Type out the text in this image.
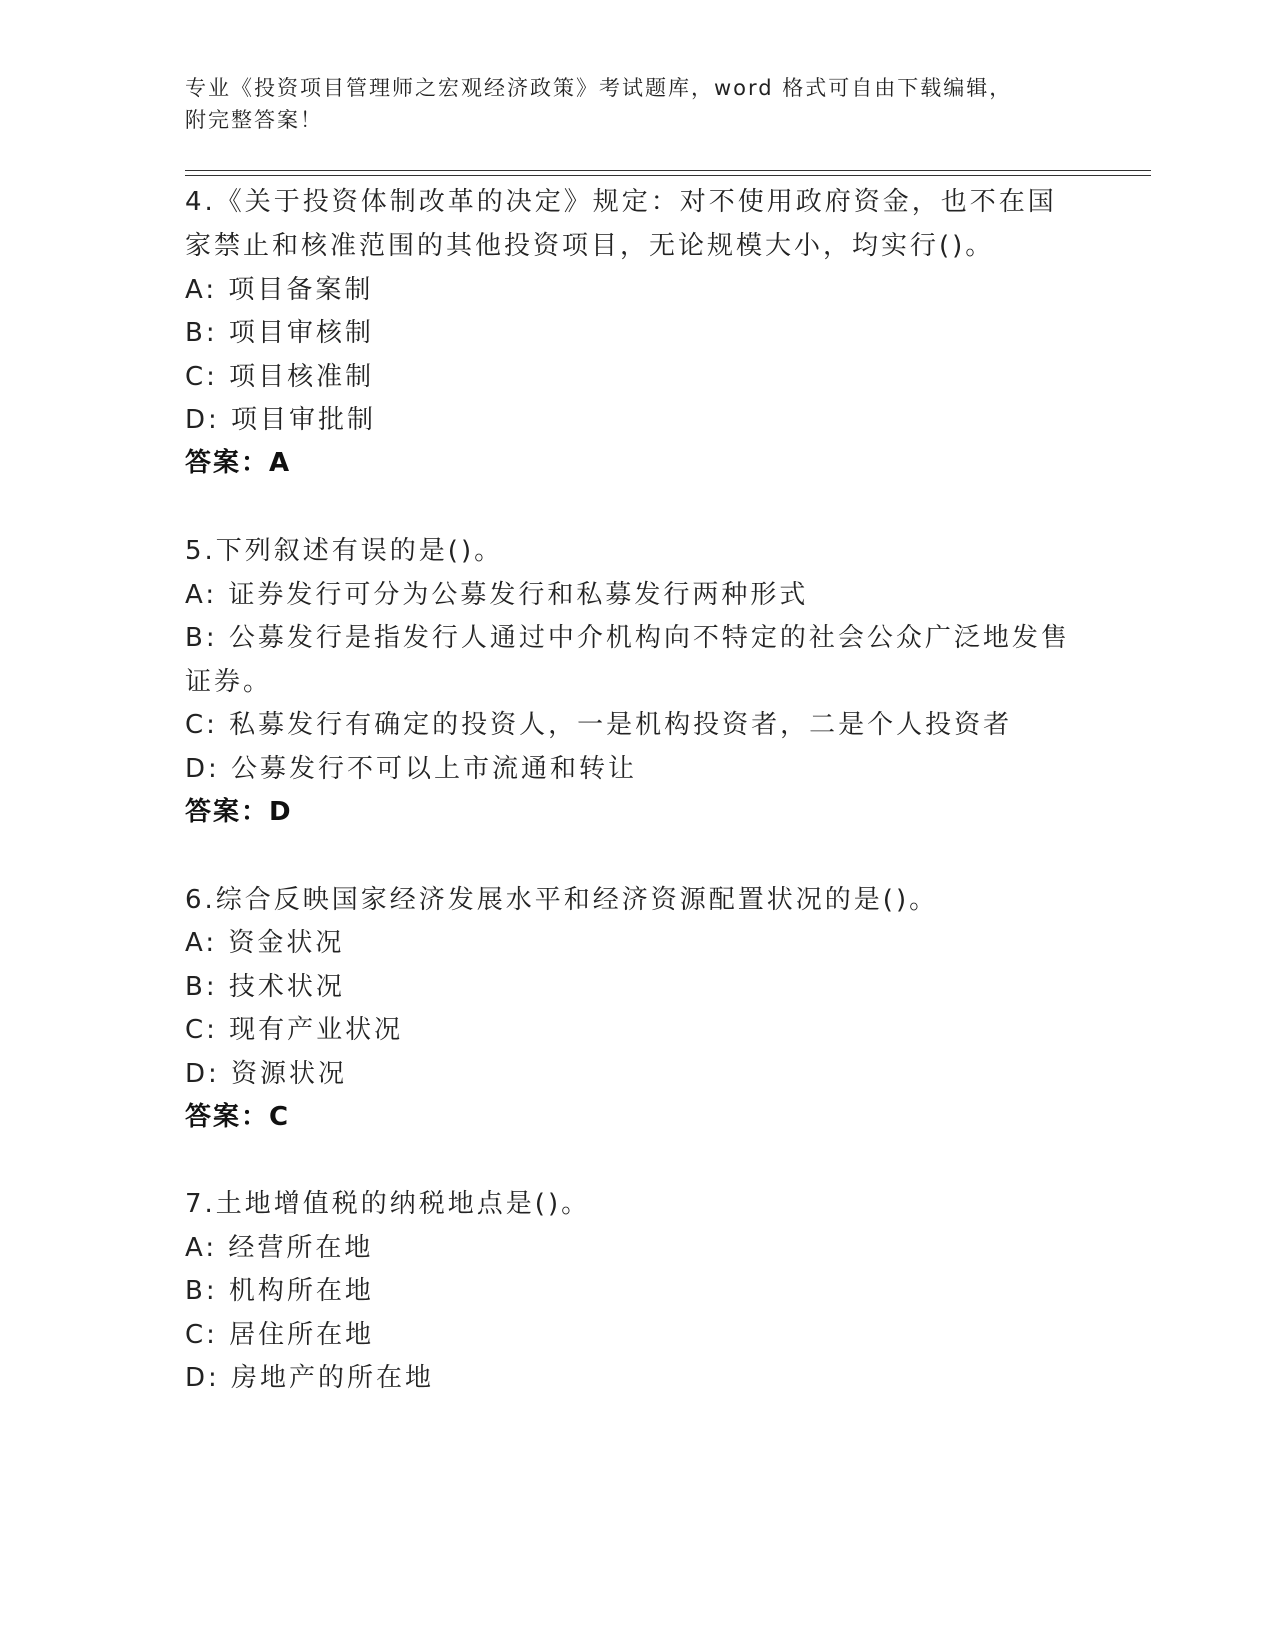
专业《投资项目管理师之宏观经济政策》考试题库，word 格式可自由下载编辑，
附完整答案！
4.《关于投资体制改革的决定》规定：对不使用政府资金，也不在国
家禁止和核准范围的其他投资项目，无论规模大小，均实行()。
A: 项目备案制
B: 项目审核制
C: 项目核准制
D: 项目审批制
答案：A
5.下列叙述有误的是()。
A: 证券发行可分为公募发行和私募发行两种形式
B: 公募发行是指发行人通过中介机构向不特定的社会公众广泛地发售
证券。
C: 私募发行有确定的投资人，一是机构投资者，二是个人投资者
D: 公募发行不可以上市流通和转让
答案：D
6.综合反映国家经济发展水平和经济资源配置状况的是()。
A: 资金状况
B: 技术状况
C: 现有产业状况
D: 资源状况
答案：C
7.土地增值税的纳税地点是()。
A: 经营所在地
B: 机构所在地
C: 居住所在地
D: 房地产的所在地
